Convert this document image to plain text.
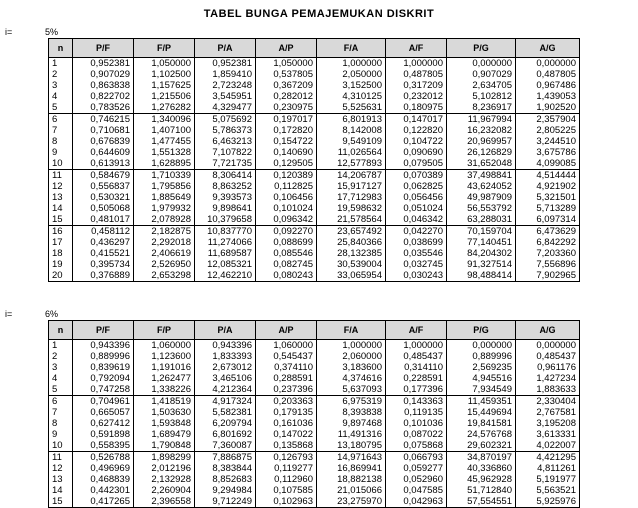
TABEL BUNGA PEMAJEMUKAN DISKRIT
i=	5%
n	P/F	F/P	P/A	A/P	F/A	A/F	P/G	A/G
1	0,952381	1,050000	0,952381	1,050000	1,000000	1,000000	0,000000	0,000000
2	0,907029	1,102500	1,859410	0,537805	2,050000	0,487805	0,907029	0,487805
3	0,863838	1,157625	2,723248	0,367209	3,152500	0,317209	2,634705	0,967486
4	0,822702	1,215506	3,545951	0,282012	4,310125	0,232012	5,102812	1,439053
5	0,783526	1,276282	4,329477	0,230975	5,525631	0,180975	8,236917	1,902520
6	0,746215	1,340096	5,075692	0,197017	6,801913	0,147017	11,967994	2,357904
7	0,710681	1,407100	5,786373	0,172820	8,142008	0,122820	16,232082	2,805225
8	0,676839	1,477455	6,463213	0,154722	9,549109	0,104722	20,969957	3,244510
9	0,644609	1,551328	7,107822	0,140690	11,026564	0,090690	26,126829	3,675786
10	0,613913	1,628895	7,721735	0,129505	12,577893	0,079505	31,652048	4,099085
11	0,584679	1,710339	8,306414	0,120389	14,206787	0,070389	37,498841	4,514444
12	0,556837	1,795856	8,863252	0,112825	15,917127	0,062825	43,624052	4,921902
13	0,530321	1,885649	9,393573	0,106456	17,712983	0,056456	49,987909	5,321501
14	0,505068	1,979932	9,898641	0,101024	19,598632	0,051024	56,553792	5,713289
15	0,481017	2,078928	10,379658	0,096342	21,578564	0,046342	63,288031	6,097314
16	0,458112	2,182875	10,837770	0,092270	23,657492	0,042270	70,159704	6,473629
17	0,436297	2,292018	11,274066	0,088699	25,840366	0,038699	77,140451	6,842292
18	0,415521	2,406619	11,689587	0,085546	28,132385	0,035546	84,204302	7,203360
19	0,395734	2,526950	12,085321	0,082745	30,539004	0,032745	91,327514	7,556896
20	0,376889	2,653298	12,462210	0,080243	33,065954	0,030243	98,488414	7,902965
i=	6%
n	P/F	F/P	P/A	A/P	F/A	A/F	P/G	A/G
1	0,943396	1,060000	0,943396	1,060000	1,000000	1,000000	0,000000	0,000000
2	0,889996	1,123600	1,833393	0,545437	2,060000	0,485437	0,889996	0,485437
3	0,839619	1,191016	2,673012	0,374110	3,183600	0,314110	2,569235	0,961176
4	0,792094	1,262477	3,465106	0,288591	4,374616	0,228591	4,945516	1,427234
5	0,747258	1,338226	4,212364	0,237396	5,637093	0,177396	7,934549	1,883633
6	0,704961	1,418519	4,917324	0,203363	6,975319	0,143363	11,459351	2,330404
7	0,665057	1,503630	5,582381	0,179135	8,393838	0,119135	15,449694	2,767581
8	0,627412	1,593848	6,209794	0,161036	9,897468	0,101036	19,841581	3,195208
9	0,591898	1,689479	6,801692	0,147022	11,491316	0,087022	24,576768	3,613331
10	0,558395	1,790848	7,360087	0,135868	13,180795	0,075868	29,602321	4,022007
11	0,526788	1,898299	7,886875	0,126793	14,971643	0,066793	34,870197	4,421295
12	0,496969	2,012196	8,383844	0,119277	16,869941	0,059277	40,336860	4,811261
13	0,468839	2,132928	8,852683	0,112960	18,882138	0,052960	45,962928	5,191977
14	0,442301	2,260904	9,294984	0,107585	21,015066	0,047585	51,712840	5,563521
15	0,417265	2,396558	9,712249	0,102963	23,275970	0,042963	57,554551	5,925976
